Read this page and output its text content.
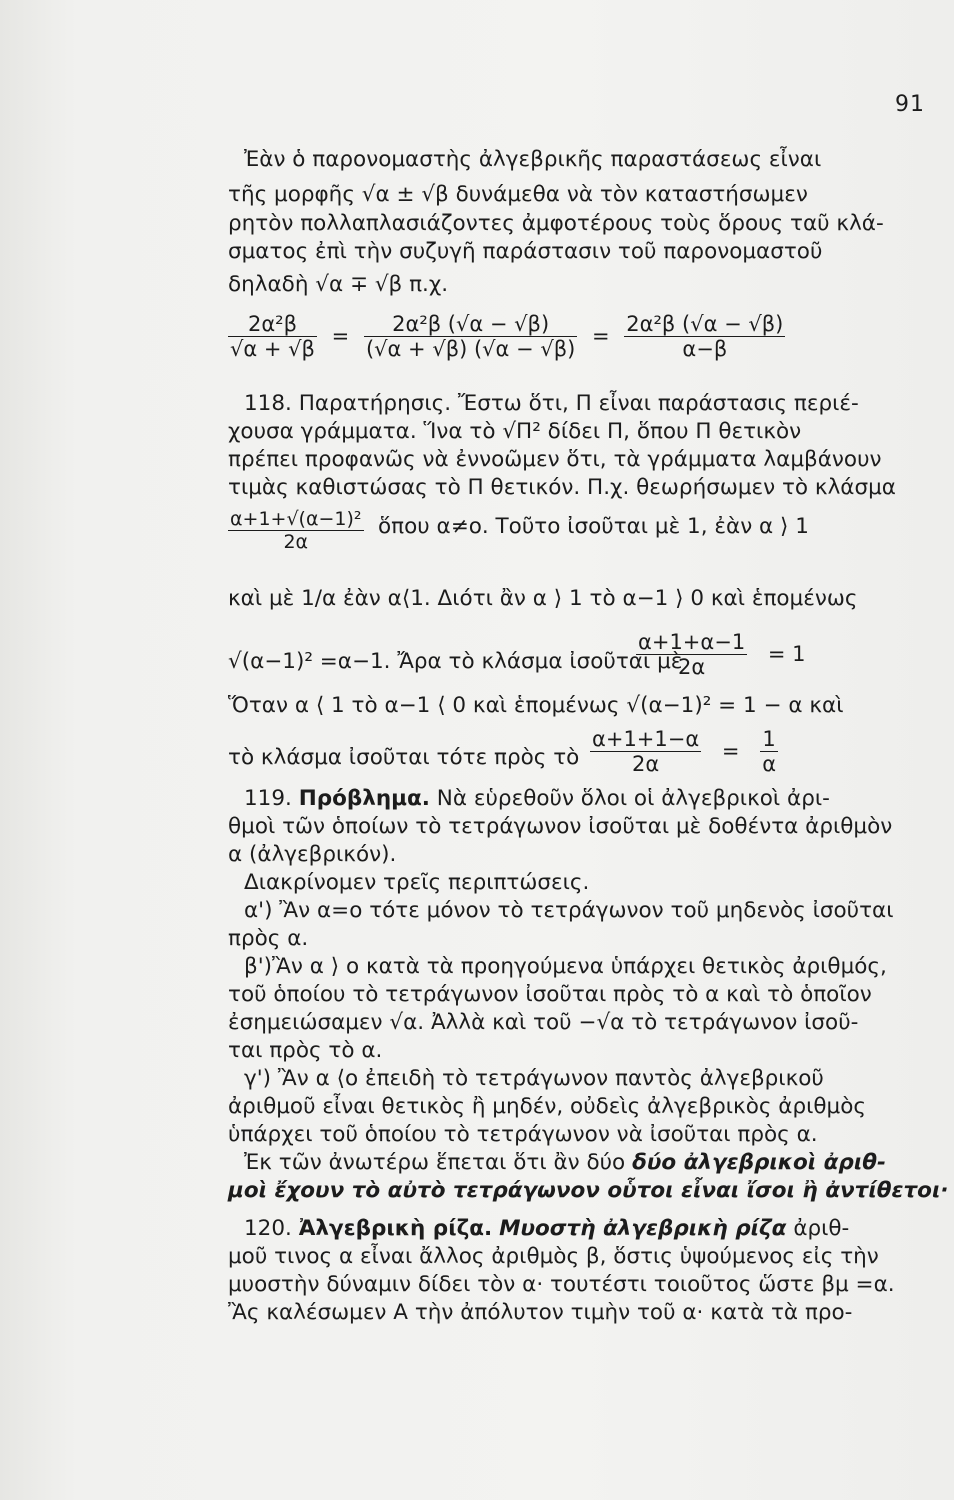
91
Ἐὰν ὁ παρονομαστὴς ἀλγεβρικῆς παραστάσεως εἶναι
τῆς μορφῆς √α ± √β δυνάμεθα νὰ τὸν καταστήσωμεν
ρητὸν πολλαπλασιάζοντες ἀμφοτέρους τοὺς ὅρους ταῦ κλά-
σματος ἐπὶ τὴν συζυγῆ παράστασιν τοῦ παρονομαστοῦ
δηλαδὴ √α ∓ √β π.χ.
$\frac{\text{2α²β}}{√\alpha + √\beta} = \frac{\text{2α²β (√α − √β)}}{(√\alpha + √\beta) (√\alpha - √\beta)} = \frac{\text{2α²β (√α − √β)}}{\alpha-\beta}$
118. Παρατήρησις. Ἔστω ὅτι, Π εἶναι παράστασις περιέ-
χουσα γράμματα. Ἵνα τὸ √Π² δίδει Π, ὅπου Π θετικὸν
πρέπει προφανῶς νὰ ἐννοῶμεν ὅτι, τὰ γράμματα λαμβάνουν
τιμὰς καθιστώσας τὸ Π θετικόν. Π.χ. θεωρήσωμεν τὸ κλάσμα
$\frac{\text{α+1+√(α−1)²}}{2\alpha}$ ὅπου α≠ο. Τοῦτο ἰσοῦται μὲ 1, ἐὰν α ⟩ 1
καὶ μὲ 1/α ἐὰν α⟨1. Διότι ἂν α ⟩ 1 τὸ α−1 ⟩ 0 καὶ ἑπομένως
√(α−1)² =α−1. Ἄρα τὸ κλάσμα ἰσοῦται μὲ
$\frac{\alpha+1+\alpha-1}{2\alpha} = 1$
Ὅταν α ⟨ 1 τὸ α−1 ⟨ 0 καὶ ἑπομένως √(α−1)² = 1 − α καὶ
τὸ κλάσμα ἰσοῦται τότε πρὸς τὸ $\frac{\alpha+1+1-\alpha}{2\alpha} = \frac{1}{\alpha}$
119. Πρόβλημα. Νὰ εὑρεθοῦν ὅλοι οἱ ἀλγεβρικοὶ ἀρι-
θμοὶ τῶν ὁποίων τὸ τετράγωνον ἰσοῦται μὲ δοθέντα ἀριθμὸν
α (ἀλγεβρικόν).
Διακρίνομεν τρεῖς περιπτώσεις.
α') Ἂν α=ο τότε μόνον τὸ τετράγωνον τοῦ μηδενὸς ἰσοῦται
πρὸς α.
β')Ἂν α ⟩ ο κατὰ τὰ προηγούμενα ὑπάρχει θετικὸς ἀριθμός,
τοῦ ὁποίου τὸ τετράγωνον ἰσοῦται πρὸς τὸ α καὶ τὸ ὁποῖον
ἐσημειώσαμεν √α. Ἀλλὰ καὶ τοῦ −√α τὸ τετράγωνον ἰσοῦ-
ται πρὸς τὸ α.
γ') Ἂν α ⟨ο ἐπειδὴ τὸ τετράγωνον παντὸς ἀλγεβρικοῦ
ἀριθμοῦ εἶναι θετικὸς ἢ μηδέν, οὐδεὶς ἀλγεβρικὸς ἀριθμὸς
ὑπάρχει τοῦ ὁποίου τὸ τετράγωνον νὰ ἰσοῦται πρὸς α.
Ἐκ τῶν ἀνωτέρω ἕπεται ὅτι ἂν δύο δύο ἀλγεβρικοὶ ἀριθ-
μοὶ ἔχουν τὸ αὐτὸ τετράγωνον οὗτοι εἶναι ἴσοι ἢ ἀντίθετοι·
120. Ἀλγεβρικὴ ρίζα. Μυοστὴ ἀλγεβρικὴ ρίζα ἀριθ-
μοῦ τινος α εἶναι ἄλλος ἀριθμὸς β, ὅστις ὑψούμενος εἰς τὴν
μυοστὴν δύναμιν δίδει τὸν α· τουτέστι τοιοῦτος ὥστε βμ =α.
Ἂς καλέσωμεν Α τὴν ἀπόλυτον τιμὴν τοῦ α· κατὰ τὰ προ-
